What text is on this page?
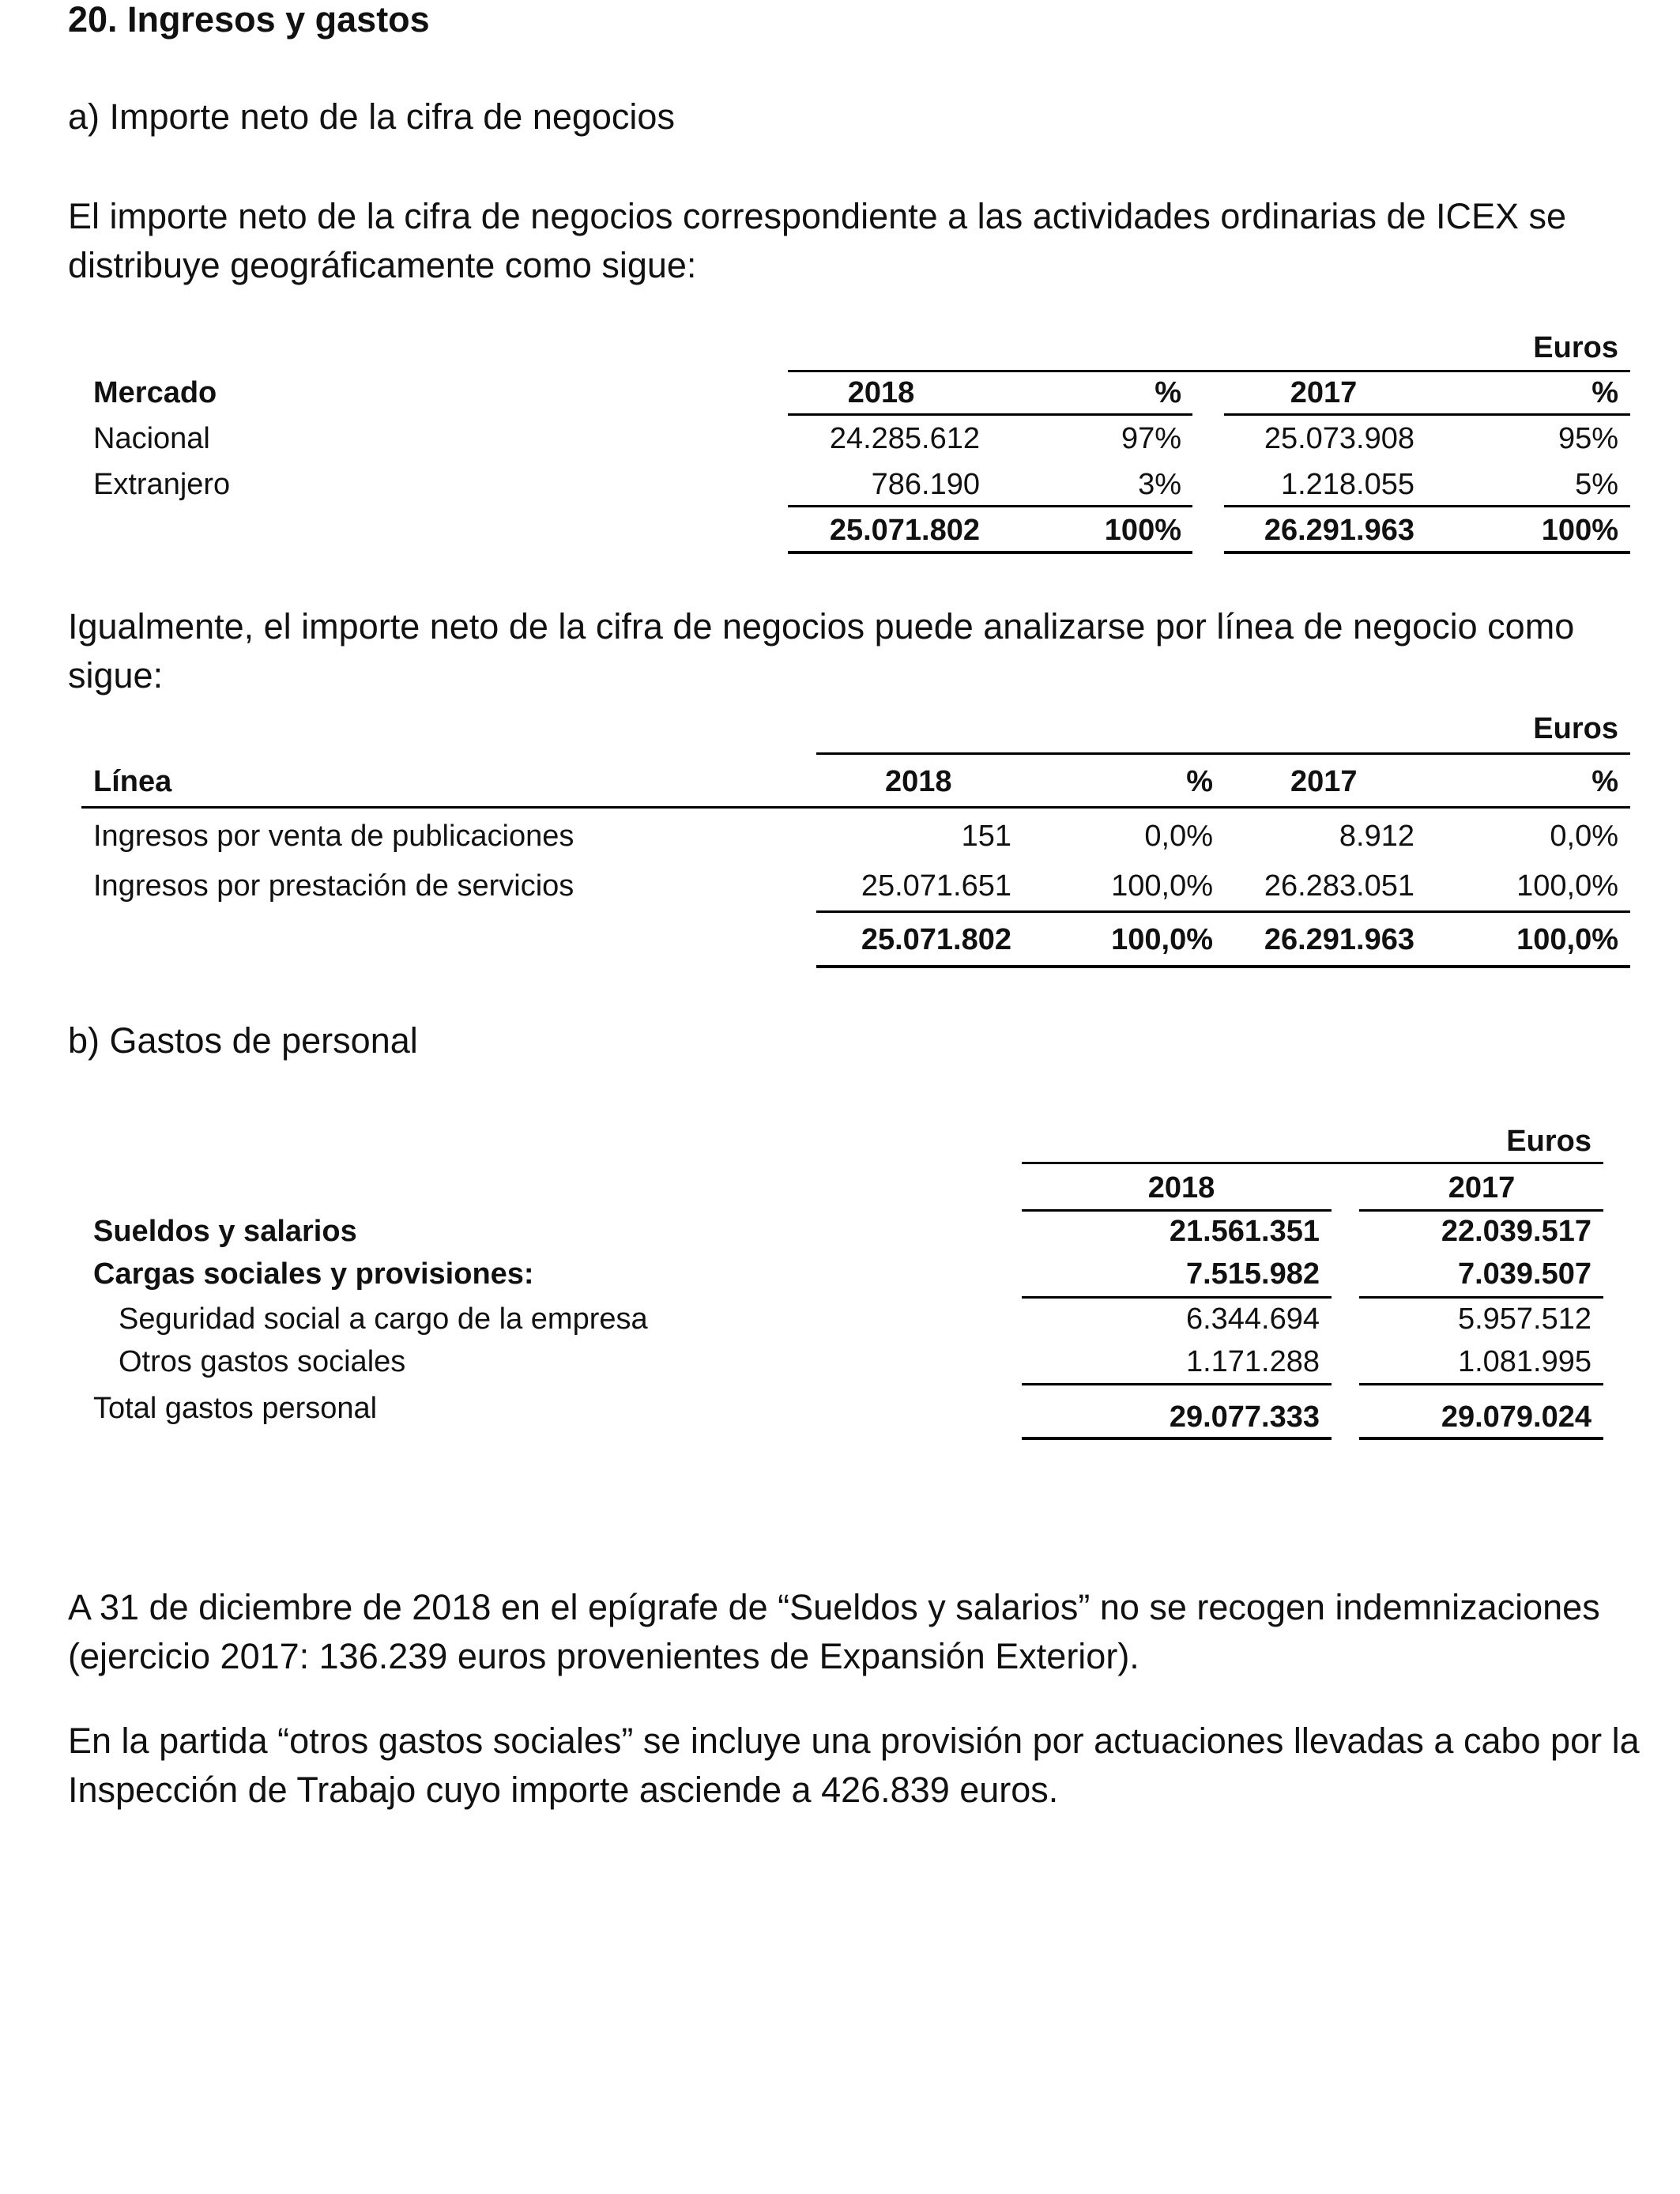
20. Ingresos y gastos
a) Importe neto de la cifra de negocios
El importe neto de la cifra de negocios correspondiente a las actividades ordinarias de ICEX se distribuye geográficamente como sigue:
Euros
Mercado	2018	%	2017	%
Nacional	24.285.612	97%	25.073.908	95%
Extranjero	786.190	3%	1.218.055	5%
25.071.802	100%	26.291.963	100%
Igualmente, el importe neto de la cifra de negocios puede analizarse por línea de negocio como sigue:
Euros
Línea	2018	%	2017	%
Ingresos por venta de publicaciones	151	0,0%	8.912	0,0%
Ingresos por prestación de servicios	25.071.651	100,0%	26.283.051	100,0%
25.071.802	100,0%	26.291.963	100,0%
b) Gastos de personal
Euros
2018	2017
Sueldos y salarios	21.561.351	22.039.517
Cargas sociales y provisiones:	7.515.982	7.039.507
Seguridad social a cargo de la empresa	6.344.694	5.957.512
Otros gastos sociales	1.171.288	1.081.995
Total gastos personal	29.077.333	29.079.024
A 31 de diciembre de 2018 en el epígrafe de “Sueldos y salarios” no se recogen indemnizaciones (ejercicio 2017: 136.239 euros provenientes de Expansión Exterior).
En la partida “otros gastos sociales” se incluye una provisión por actuaciones llevadas a cabo por la Inspección de Trabajo cuyo importe asciende a 426.839 euros.
